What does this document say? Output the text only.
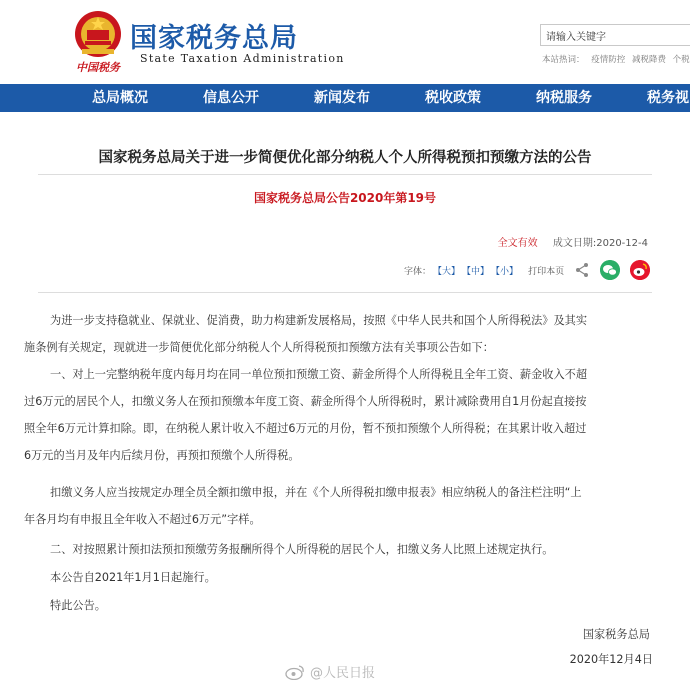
国家税务总局
State Taxation Administration
中国税务
请输入关键字
本站热词： 疫情防控 减税降费 个税
总局概况	信息公开	新闻发布	税收政策	纳税服务	税务视
国家税务总局关于进一步简便优化部分纳税人个人所得税预扣预缴方法的公告
国家税务总局公告2020年第19号
全文有效 成文日期:2020-12-4
字体： 【大】 【中】 【小】 打印本页
为进一步支持稳就业、保就业、促消费，助力构建新发展格局，按照《中华人民共和国个人所得税法》及其实
施条例有关规定，现就进一步简便优化部分纳税人个人所得税预扣预缴方法有关事项公告如下：
一、对上一完整纳税年度内每月均在同一单位预扣预缴工资、薪金所得个人所得税且全年工资、薪金收入不超
过6万元的居民个人，扣缴义务人在预扣预缴本年度工资、薪金所得个人所得税时，累计减除费用自1月份起直接按
照全年6万元计算扣除。即，在纳税人累计收入不超过6万元的月份，暂不预扣预缴个人所得税；在其累计收入超过
6万元的当月及年内后续月份，再预扣预缴个人所得税。
扣缴义务人应当按规定办理全员全额扣缴申报，并在《个人所得税扣缴申报表》相应纳税人的备注栏注明“上
年各月均有申报且全年收入不超过6万元”字样。
二、对按照累计预扣法预扣预缴劳务报酬所得个人所得税的居民个人，扣缴义务人比照上述规定执行。
本公告自2021年1月1日起施行。
特此公告。
国家税务总局
2020年12月4日
@人民日报
